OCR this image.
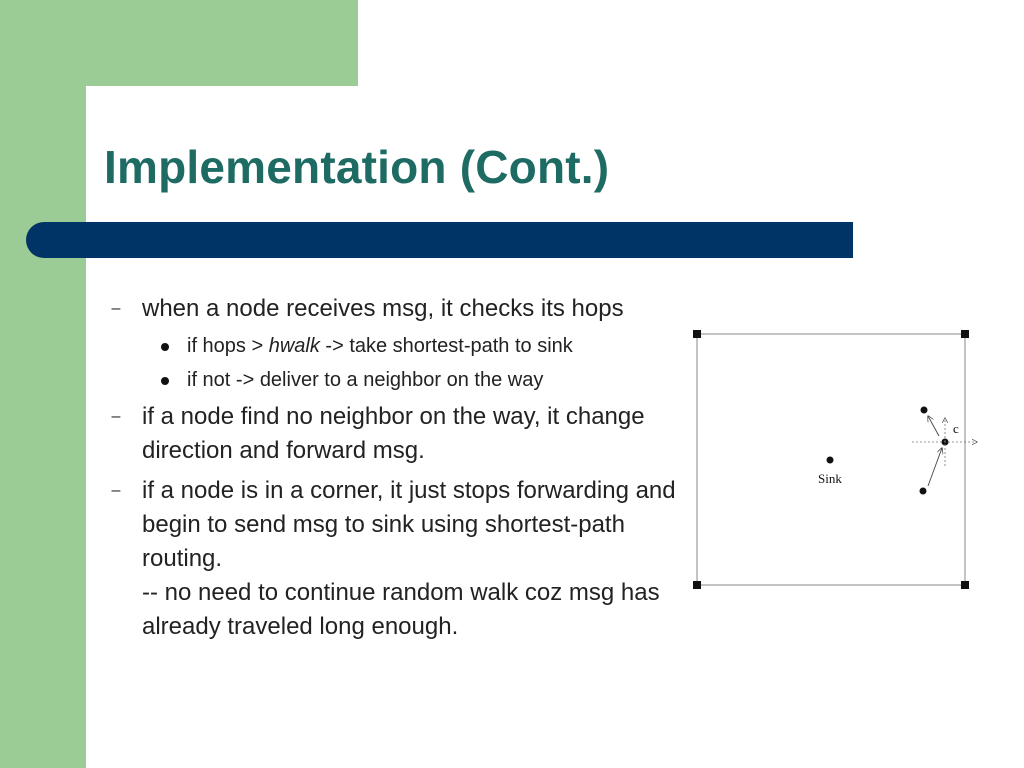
Implementation (Cont.)
– when a node receives msg, it checks its hops
if hops > hwalk -> take shortest-path to sink
if not -> deliver to a neighbor on the way
– if a node find no neighbor on the way, it change direction and forward msg.
– if a node is in a corner, it just stops forwarding and begin to send msg to sink using shortest-path routing.
-- no need to continue random walk coz msg has already traveled long enough.
Sink
c
